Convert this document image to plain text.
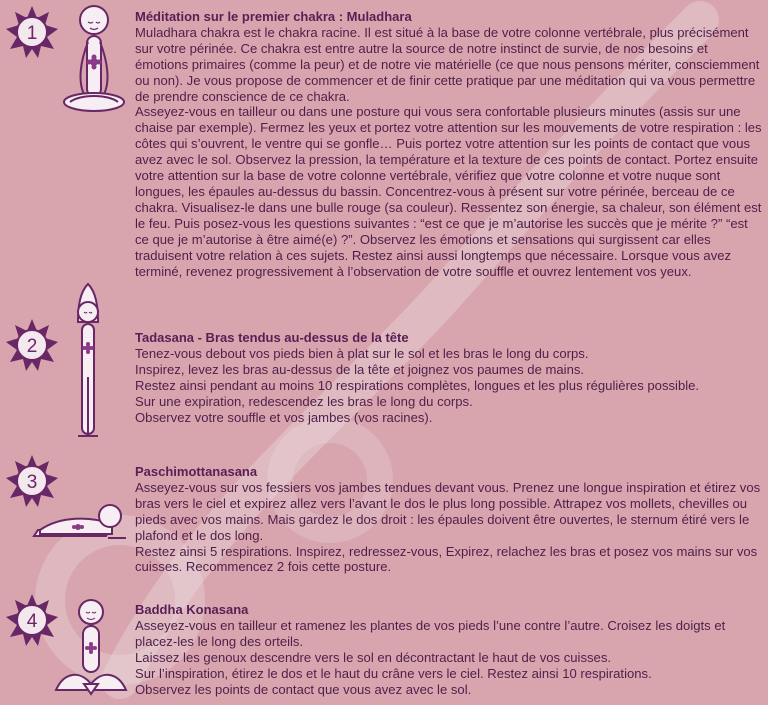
1

Méditation sur le premier chakra : Muladhara

Muladhara chakra est le chakra racine. Il est situé à la base de votre colonne vertébrale, plus précisément sur votre périnée. Ce chakra est entre autre la source de notre instinct de survie, de nos besoins et émotions primaires (comme la peur) et de notre vie matérielle (ce que nous pensons mériter, consciemment ou non). Je vous propose de commencer et de finir cette pratique par une méditation qui va vous permettre de prendre conscience de ce chakra.

Asseyez-vous en tailleur ou dans une posture qui vous sera confortable plusieurs minutes (assis sur une chaise par exemple). Fermez les yeux et portez votre attention sur les mouvements de votre respiration : les côtes qui s’ouvrent, le ventre qui se gonfle… Puis portez votre attention sur les points de contact que vous avez avec le sol. Observez la pression, la température et la texture de ces points de contact. Portez ensuite votre attention sur la base de votre colonne vertébrale, vérifiez que votre colonne et votre nuque sont longues, les épaules au-dessus du bassin. Concentrez-vous à présent sur votre périnée, berceau de ce chakra. Visualisez-le dans une bulle rouge (sa couleur). Ressentez son énergie, sa chaleur, son élément est le feu. Puis posez-vous les questions suivantes : “est ce que je m’autorise les succès que je mérite ?” “est ce que je m’autorise à être aimé(e) ?”. Observez les émotions et sensations qui surgissent car elles traduisent votre relation à ces sujets. Restez ainsi aussi longtemps que nécessaire. Lorsque vous avez terminé, revenez progressivement à l’observation de votre souffle et ouvrez lentement vos yeux.

2	Tadasana - Bras tendus au-dessus de la tête

Tenez-vous debout vos pieds bien à plat sur le sol et les bras le long du corps.

Inspirez, levez les bras au-dessus de la tête et joignez vos paumes de mains.

Restez ainsi pendant au moins 10 respirations complètes, longues et les plus régulières possible.

Sur une expiration, redescendez les bras le long du corps.

Observez votre souffle et vos jambes (vos racines).

3

Paschimottanasana

Asseyez-vous sur vos fessiers vos jambes tendues devant vous. Prenez une longue inspiration et étirez vos bras vers le ciel et expirez allez vers l’avant le dos le plus long possible. Attrapez vos mollets, chevilles ou pieds avec vos mains. Mais gardez le dos droit : les épaules doivent être ouvertes, le sternum étiré vers le plafond et le dos long.

Restez ainsi 5 respirations. Inspirez, redressez-vous, Expirez, relachez les bras et posez vos mains sur vos cuisses. Recommencez 2 fois cette posture.

4

Baddha Konasana

Asseyez-vous en tailleur et ramenez les plantes de vos pieds l’une contre l’autre. Croisez les doigts et placez-les le long des orteils.

Laissez les genoux descendre vers le sol en décontractant le haut de vos cuisses.

Sur l’inspiration, étirez le dos et le haut du crâne vers le ciel. Restez ainsi 10 respirations.

Observez les points de contact que vous avez avec le sol.
